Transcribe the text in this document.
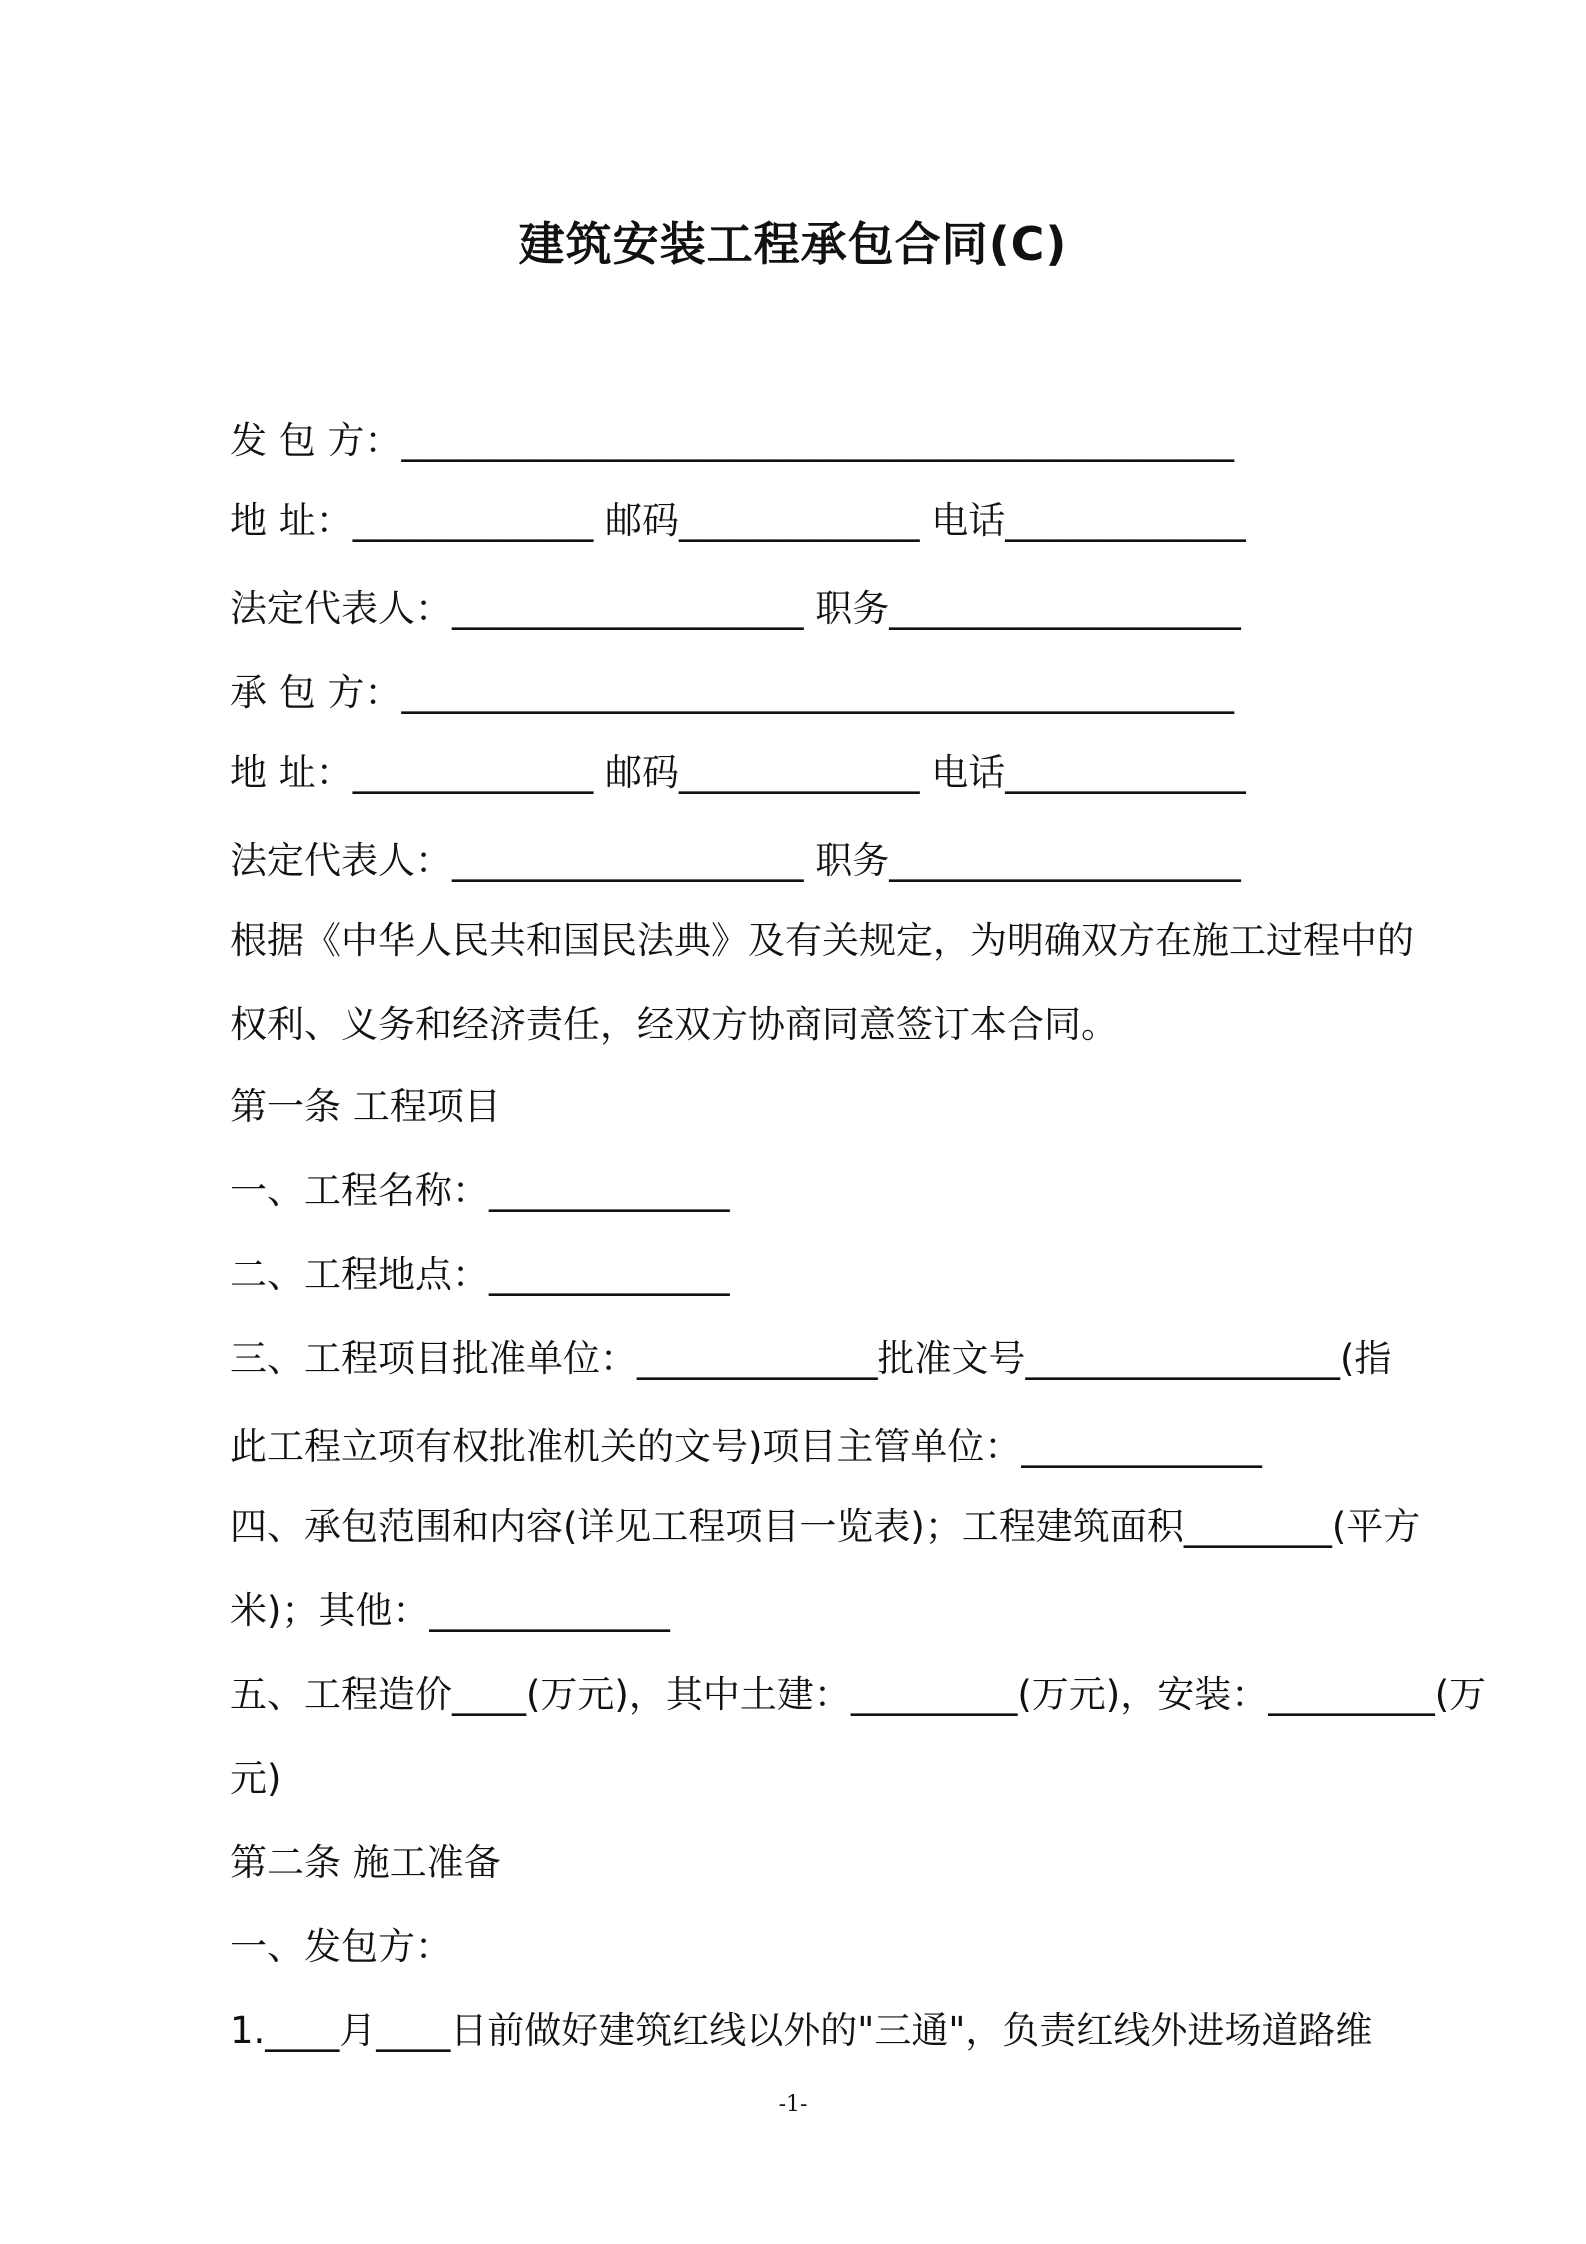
建筑安装工程承包合同(C)
发 包 方：_____________________________________________
地 址：_____________ 邮码_____________ 电话_____________
法定代表人：___________________ 职务___________________
承 包 方：_____________________________________________
地 址：_____________ 邮码_____________ 电话_____________
法定代表人：___________________ 职务___________________
根据《中华人民共和国民法典》及有关规定，为明确双方在施工过程中的
权利、义务和经济责任，经双方协商同意签订本合同。
第一条 工程项目
一、工程名称：_____________
二、工程地点：_____________
三、工程项目批准单位：_____________批准文号_________________(指
此工程立项有权批准机关的文号)项目主管单位：_____________
四、承包范围和内容(详见工程项目一览表)；工程建筑面积________(平方
米)；其他：_____________
五、工程造价____(万元)，其中土建：_________(万元)，安装：_________(万
元)
第二条 施工准备
一、发包方：
1.____月____日前做好建筑红线以外的"三通"，负责红线外进场道路维
-1-
